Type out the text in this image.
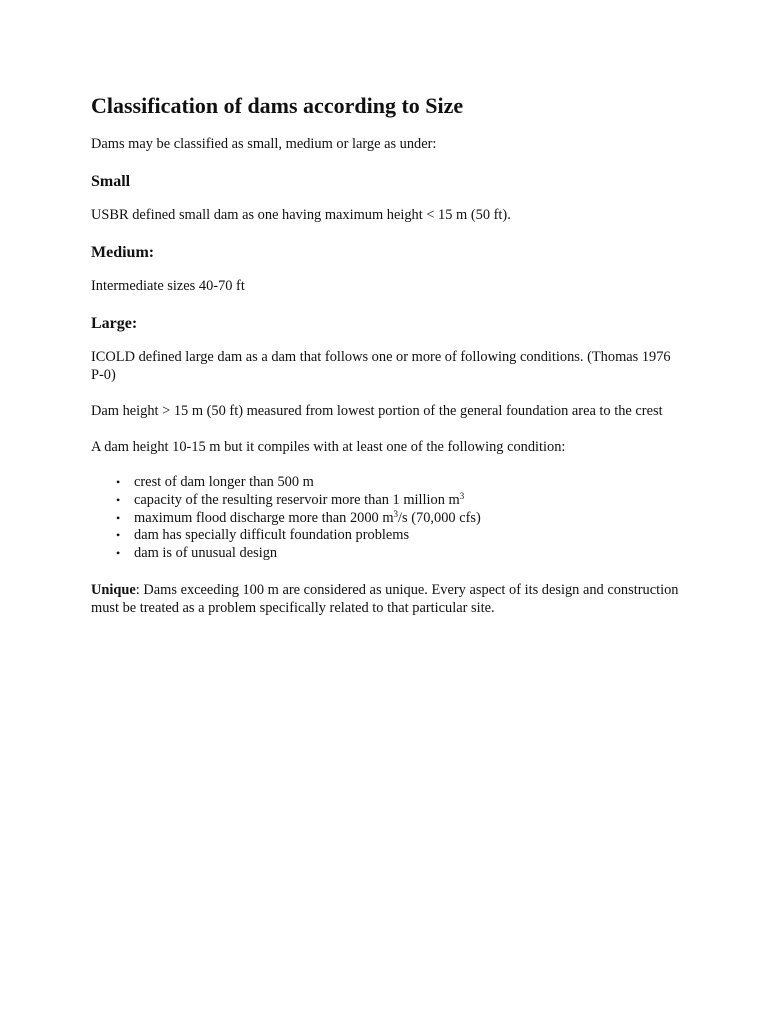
Classification of dams according to Size

Dams may be classified as small, medium or large as under:

Small

USBR defined small dam as one having maximum height < 15 m (50 ft).

Medium:

Intermediate sizes 40-70 ft

Large:

ICOLD defined large dam as a dam that follows one or more of following conditions. (Thomas 1976 P-0)

Dam height > 15 m (50 ft) measured from lowest portion of the general foundation area to the crest

A dam height 10-15 m but it compiles with at least one of the following condition:

• crest of dam longer than 500 m
• capacity of the resulting reservoir more than 1 million $m^3$
• maximum flood discharge more than 2000 $m^3/s$ (70,000 cfs)
• dam has specially difficult foundation problems
• dam is of unusual design

Unique: Dams exceeding 100 m are considered as unique. Every aspect of its design and construction must be treated as a problem specifically related to that particular site.
